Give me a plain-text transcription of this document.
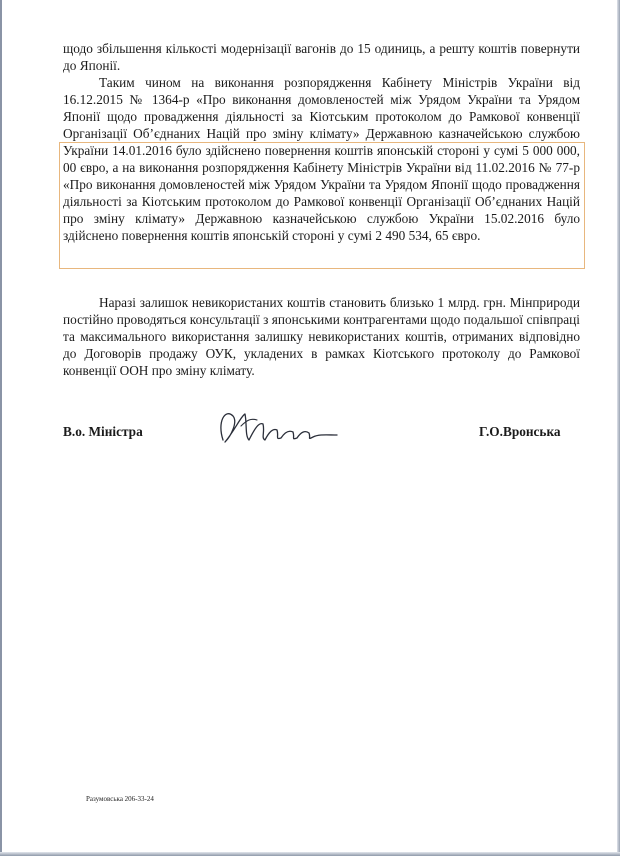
щодо збільшення кількості модернізації вагонів до 15 одиниць, а решту коштів повернути до Японії.
Таким чином на виконання розпорядження Кабінету Міністрів України від 16.12.2015 № 1364-р «Про виконання домовленостей між Урядом України та Урядом Японії щодо провадження діяльності за Кіотським протоколом до Рамкової конвенції Організації Об’єднаних Націй про зміну клімату» Державною казначейською службою України 14.01.2016 було здійснено повернення коштів японській стороні у сумі 5 000 000, 00 євро, а на виконання розпорядження Кабінету Міністрів України від 11.02.2016 № 77-р «Про виконання домовленостей між Урядом України та Урядом Японії щодо провадження діяльності за Кіотським протоколом до Рамкової конвенції Організації Об’єднаних Націй про зміну клімату» Державною казначейською службою України 15.02.2016 було здійснено повернення коштів японській стороні у сумі 2 490 534, 65 євро.
Наразі залишок невикористаних коштів становить близько 1 млрд. грн. Мінприроди постійно проводяться консультації з японськими контрагентами щодо подальшої співпраці та максимального використання залишку невикористаних коштів, отриманих відповідно до Договорів продажу ОУК, укладених в рамках Кіотського протоколу до Рамкової конвенції ООН про зміну клімату.
В.о. Міністра	Г.О.Вронська
Разумовська 206-33-24
